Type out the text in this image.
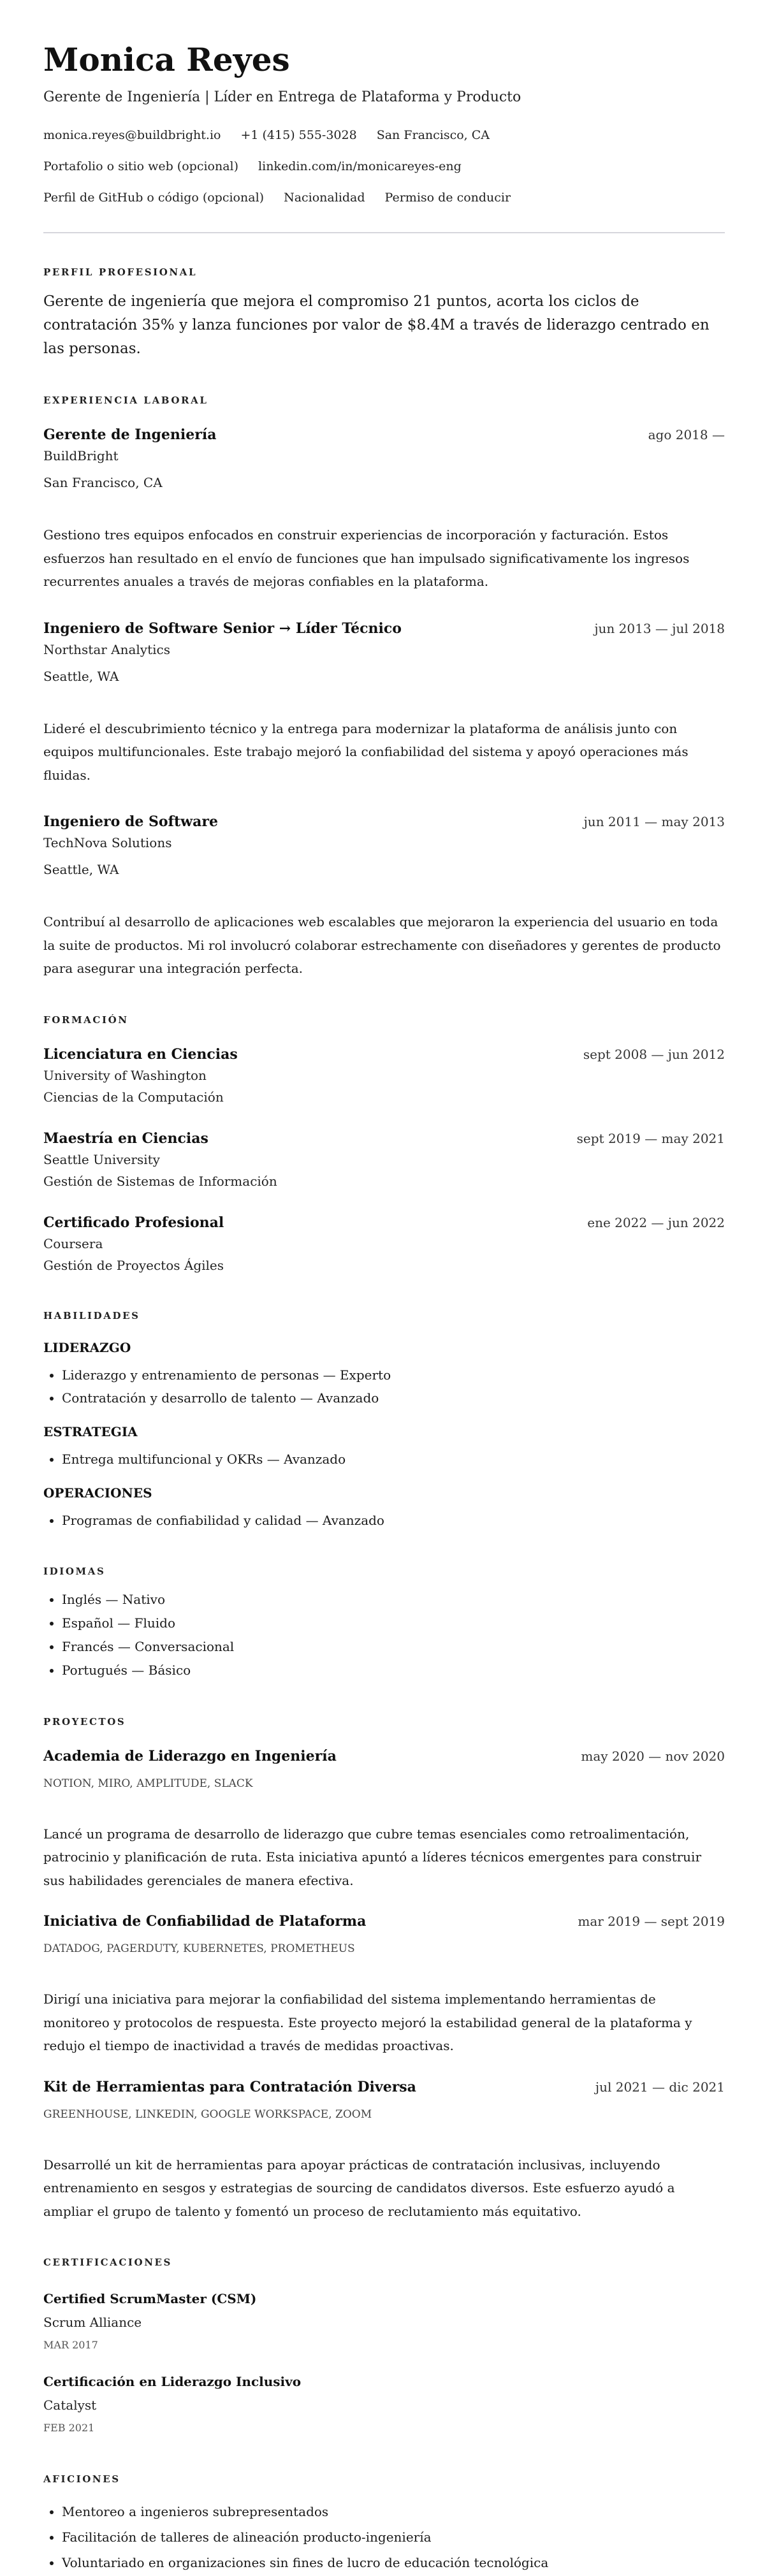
Monica Reyes
Gerente de Ingeniería | Líder en Entrega de Plataforma y Producto
monica.reyes@buildbright.io +1 (415) 555-3028 San Francisco, CA
Portafolio o sitio web (opcional) linkedin.com/in/monicareyes-eng
Perfil de GitHub o código (opcional) Nacionalidad Permiso de conducir
PERFIL PROFESIONAL

Gerente de ingeniería que mejora el compromiso 21 puntos, acorta los ciclos de contratación 35% y lanza funciones por valor de $8.4M a través de liderazgo centrado en las personas.

EXPERIENCIA LABORAL
Gerente de Ingeniería	ago 2018 —
BuildBright
San Francisco, CA
Gestiono tres equipos enfocados en construir experiencias de incorporación y facturación. Estos esfuerzos han resultado en el envío de funciones que han impulsado significativamente los ingresos recurrentes anuales a través de mejoras confiables en la plataforma.
Ingeniero de Software Senior → Líder Técnico	jun 2013 — jul 2018
Northstar Analytics
Seattle, WA
Lideré el descubrimiento técnico y la entrega para modernizar la plataforma de análisis junto con equipos multifuncionales. Este trabajo mejoró la confiabilidad del sistema y apoyó operaciones más fluidas.
Ingeniero de Software	jun 2011 — may 2013
TechNova Solutions
Seattle, WA
Contribuí al desarrollo de aplicaciones web escalables que mejoraron la experiencia del usuario en toda la suite de productos. Mi rol involucró colaborar estrechamente con diseñadores y gerentes de producto para asegurar una integración perfecta.
FORMACIÓN
Licenciatura en Ciencias	sept 2008 — jun 2012
University of Washington
Ciencias de la Computación
Maestría en Ciencias	sept 2019 — may 2021
Seattle University
Gestión de Sistemas de Información
Certificado Profesional	ene 2022 — jun 2022
Coursera
Gestión de Proyectos Ágiles
HABILIDADES
LIDERAZGO
• Liderazgo y entrenamiento de personas — Experto
• Contratación y desarrollo de talento — Avanzado
ESTRATEGIA
• Entrega multifuncional y OKRs — Avanzado
OPERACIONES
• Programas de confiabilidad y calidad — Avanzado
IDIOMAS
• Inglés — Nativo
• Español — Fluido
• Francés — Conversacional
• Portugués — Básico
PROYECTOS
Academia de Liderazgo en Ingeniería	may 2020 — nov 2020
NOTION, MIRO, AMPLITUDE, SLACK
Lancé un programa de desarrollo de liderazgo que cubre temas esenciales como retroalimentación, patrocinio y planificación de ruta. Esta iniciativa apuntó a líderes técnicos emergentes para construir sus habilidades gerenciales de manera efectiva.
Iniciativa de Confiabilidad de Plataforma	mar 2019 — sept 2019
DATADOG, PAGERDUTY, KUBERNETES, PROMETHEUS
Dirigí una iniciativa para mejorar la confiabilidad del sistema implementando herramientas de monitoreo y protocolos de respuesta. Este proyecto mejoró la estabilidad general de la plataforma y redujo el tiempo de inactividad a través de medidas proactivas.
Kit de Herramientas para Contratación Diversa	jul 2021 — dic 2021
GREENHOUSE, LINKEDIN, GOOGLE WORKSPACE, ZOOM
Desarrollé un kit de herramientas para apoyar prácticas de contratación inclusivas, incluyendo entrenamiento en sesgos y estrategias de sourcing de candidatos diversos. Este esfuerzo ayudó a ampliar el grupo de talento y fomentó un proceso de reclutamiento más equitativo.
CERTIFICACIONES
Certified ScrumMaster (CSM)
Scrum Alliance
MAR 2017
Certificación en Liderazgo Inclusivo
Catalyst
FEB 2021
AFICIONES
• Mentoreo a ingenieros subrepresentados
• Facilitación de talleres de alineación producto-ingeniería
• Voluntariado en organizaciones sin fines de lucro de educación tecnológica
